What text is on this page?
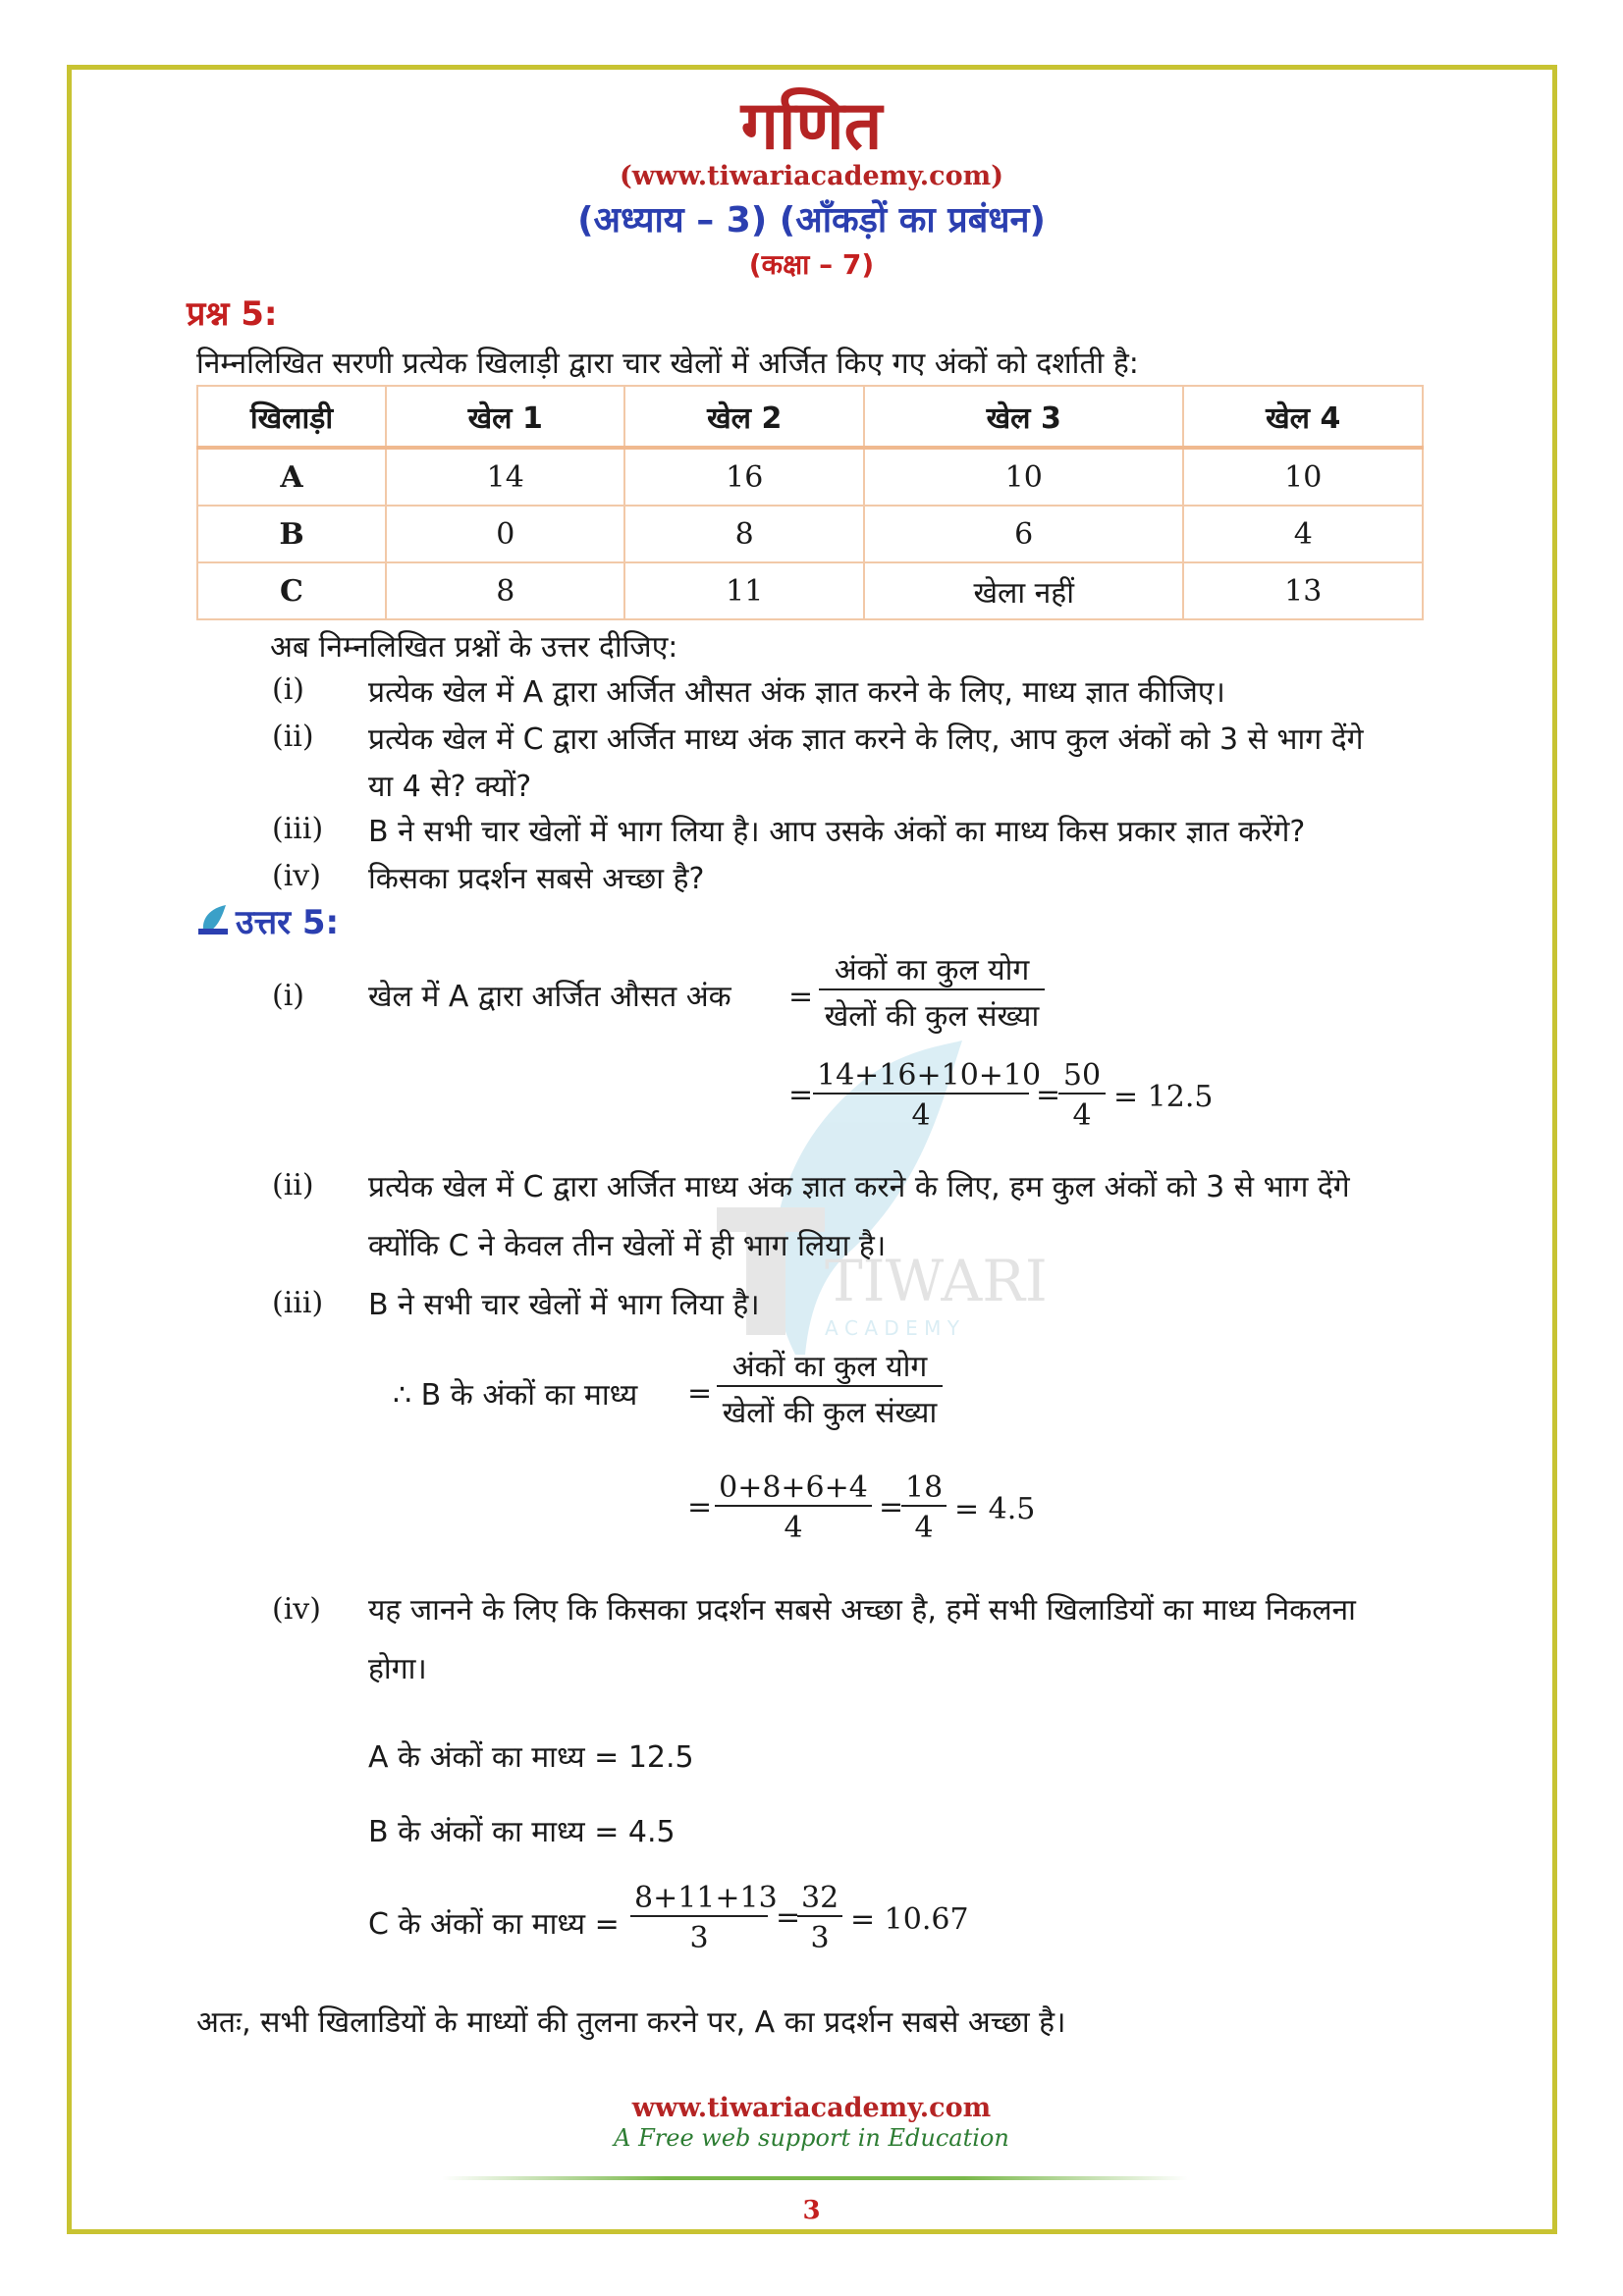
TIWARI
A C A D E M Y
गणित
(www.tiwariacademy.com)
(अध्याय – 3) (आँकड़ों का प्रबंधन)
(कक्षा – 7)
प्रश्न 5:
निम्नलिखित सरणी प्रत्येक खिलाड़ी द्वारा चार खेलों में अर्जित किए गए अंकों को दर्शाती है:
खिलाड़ी	खेल 1	खेल 2	खेल 3	खेल 4
A	14	16	10	10
B	0	8	6	4
C	8	11	खेला नहीं	13
अब निम्नलिखित प्रश्नों के उत्तर दीजिए:
(i) प्रत्येक खेल में A द्वारा अर्जित औसत अंक ज्ञात करने के लिए, माध्य ज्ञात कीजिए।
(ii) प्रत्येक खेल में C द्वारा अर्जित माध्य अंक ज्ञात करने के लिए, आप कुल अंकों को 3 से भाग देंगे
या 4 से? क्यों?
(iii) B ने सभी चार खेलों में भाग लिया है। आप उसके अंकों का माध्य किस प्रकार ज्ञात करेंगे?
(iv) किसका प्रदर्शन सबसे अच्छा है?
उत्तर 5:
(i) खेल में A द्वारा अर्जित औसत अंक =
अंकों का कुल योग
खेलों की कुल संख्या
= $\frac{14+16+10+10}{4}$ =
$\frac{50}{4} = 12.5$
(ii) प्रत्येक खेल में C द्वारा अर्जित माध्य अंक ज्ञात करने के लिए, हम कुल अंकों को 3 से भाग देंगे
क्योंकि C ने केवल तीन खेलों में ही भाग लिया है।
(iii) B ने सभी चार खेलों में भाग लिया है।
∴ B के अंकों का माध्य =
अंकों का कुल योग
खेलों की कुल संख्या
= $\frac{0+8+6+4}{4}$ =
$\frac{18}{4} = 4.5$
(iv) यह जानने के लिए कि किसका प्रदर्शन सबसे अच्छा है, हमें सभी खिलाडियों का माध्य निकलना
होगा।
A के अंकों का माध्य = 12.5
B के अंकों का माध्य = 4.5
C के अंकों का माध्य = $\frac{8+11+13}{3}$ =
$\frac{32}{3} = 10.67$
अतः, सभी खिलाडियों के माध्यों की तुलना करने पर, A का प्रदर्शन सबसे अच्छा है।
www.tiwariacademy.com
A Free web support in Education
3
